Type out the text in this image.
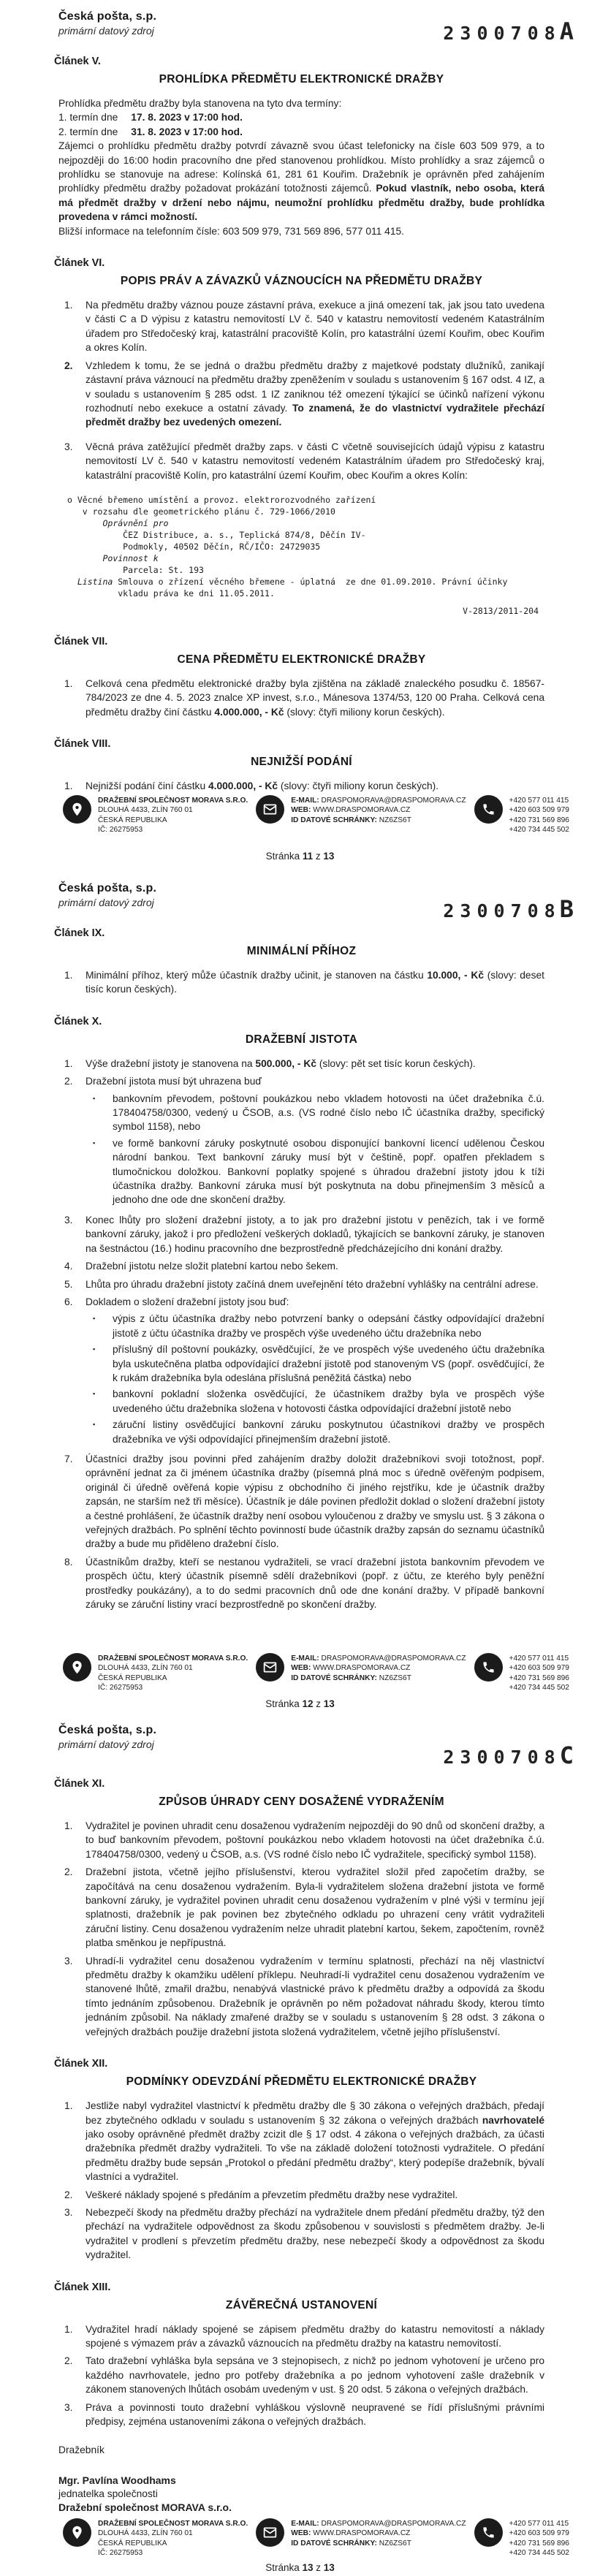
Česká pošta, s.p.
primární datový zdroj	2300708A
Článek V.
PROHLÍDKA PŘEDMĚTU ELEKTRONICKÉ DRAŽBY

Prohlídka předmětu dražby byla stanovena na tyto dva termíny:

1. termín dne 17. 8. 2023 v 17:00 hod.
2. termín dne 31. 8. 2023 v 17:00 hod.

Zájemci o prohlídku předmětu dražby potvrdí závazně svou účast telefonicky na čísle 603 509 979, a to nejpozději do 16:00 hodin pracovního dne před stanovenou prohlídkou. Místo prohlídky a sraz zájemců o prohlídku se stanovuje na adrese: Kolínská 61, 281 61 Kouřim. Dražebník je oprávněn před zahájením prohlídky předmětu dražby požadovat prokázání totožnosti zájemců. Pokud vlastník, nebo osoba, která má předmět dražby v držení nebo nájmu, neumožní prohlídku předmětu dražby, bude prohlídka provedena v rámci možností.

Bližší informace na telefonním čísle: 603 509 979, 731 569 896, 577 011 415.

Článek VI.
POPIS PRÁV A ZÁVAZKŮ VÁZNOUCÍCH NA PŘEDMĚTU DRAŽBY
1.	Na předmětu dražby váznou pouze zástavní práva, exekuce a jiná omezení tak, jak jsou tato uvedena v části C a D výpisu z katastru nemovitostí LV č. 540 v katastru nemovitostí vedeném Katastrálním úřadem pro Středočeský kraj, katastrální pracoviště Kolín, pro katastrální území Kouřim, obec Kouřim a okres Kolín.
2.	Vzhledem k tomu, že se jedná o dražbu předmětu dražby z majetkové podstaty dlužníků, zanikají zástavní práva váznoucí na předmětu dražby zpeněžením v souladu s ustanovením § 167 odst. 4 IZ, a v souladu s ustanovením § 285 odst. 1 IZ zaniknou též omezení týkající se účinků nařízení výkonu rozhodnutí nebo exekuce a ostatní závady. To znamená, že do vlastnictví vydražitele přechází předmět dražby bez uvedených omezení.
3.	Věcná práva zatěžující předmět dražby zaps. v části C včetně souvisejících údajů výpisu z katastru nemovitostí LV č. 540 v katastru nemovitostí vedeném Katastrálním úřadem pro Středočeský kraj, katastrální pracoviště Kolín, pro katastrální území Kouřim, obec Kouřim a okres Kolín:
o Věcné břemeno umístění a provoz. elektrorozvodného zařízení
v rozsahu dle geometrického plánu č. 729-1066/2010
Oprávnění pro
ČEZ Distribuce, a. s., Teplická 874/8, Děčín IV-
Podmokly, 40502 Děčín, RČ/IČO: 24729035
Povinnost k
Parcela: St. 193
Listina Smlouva o zřízení věcného břemene - úplatná  ze dne 01.09.2010. Právní účinky
vkladu práva ke dni 11.05.2011.
V-2813/2011-204
Článek VII.
CENA PŘEDMĚTU ELEKTRONICKÉ DRAŽBY
1.	Celková cena předmětu elektronické dražby byla zjištěna na základě znaleckého posudku č. 18567-784/2023 ze dne 4. 5. 2023 znalce XP invest, s.r.o., Mánesova 1374/53, 120 00 Praha. Celková cena předmětu dražby činí částku 4.000.000, - Kč (slovy: čtyři miliony korun českých).
Článek VIII.
NEJNIŽŠÍ PODÁNÍ
1.	Nejnižší podání činí částku 4.000.000, - Kč (slovy: čtyři miliony korun českých).
DRAŽEBNÍ SPOLEČNOST MORAVA S.R.O.
DLOUHÁ 4433, ZLÍN 760 01
ČESKÁ REPUBLIKA
IČ: 26275953
E-MAIL: DRASPOMORAVA@DRASPOMORAVA.CZ
WEB: WWW.DRASPOMORAVA.CZ
ID DATOVÉ SCHRÁNKY: NZ6ZS6T
+420 577 011 415
+420 603 509 979
+420 731 569 896
+420 734 445 502
Stránka 11 z 13
Česká pošta, s.p.
primární datový zdroj	2300708B
Článek IX.
MINIMÁLNÍ PŘÍHOZ
1.	Minimální příhoz, který může účastník dražby učinit, je stanoven na částku 10.000, - Kč (slovy: deset tisíc korun českých).
Článek X.
DRAŽEBNÍ JISTOTA
1.	Výše dražební jistoty je stanovena na 500.000, - Kč (slovy: pět set tisíc korun českých).
2.	Dražební jistota musí být uhrazena buď
▪	bankovním převodem, poštovní poukázkou nebo vkladem hotovosti na účet dražebníka č.ú. 178404758/0300, vedený u ČSOB, a.s. (VS rodné číslo nebo IČ účastníka dražby, specifický symbol 1158), nebo
▪	ve formě bankovní záruky poskytnuté osobou disponující bankovní licencí udělenou Českou národní bankou. Text bankovní záruky musí být v češtině, popř. opatřen překladem s tlumočnickou doložkou. Bankovní poplatky spojené s úhradou dražební jistoty jdou k tíži účastníka dražby. Bankovní záruka musí být poskytnuta na dobu přinejmenším 3 měsíců a jednoho dne ode dne skončení dražby.
3.	Konec lhůty pro složení dražební jistoty, a to jak pro dražební jistotu v penězích, tak i ve formě bankovní záruky, jakož i pro předložení veškerých dokladů, týkajících se bankovní záruky, je stanoven na šestnáctou (16.) hodinu pracovního dne bezprostředně předcházejícího dni konání dražby.
4.	Dražební jistotu nelze složit platební kartou nebo šekem.
5.	Lhůta pro úhradu dražební jistoty začíná dnem uveřejnění této dražební vyhlášky na centrální adrese.
6.	Dokladem o složení dražební jistoty jsou buď:
▪	výpis z účtu účastníka dražby nebo potvrzení banky o odepsání částky odpovídající dražební jistotě z účtu účastníka dražby ve prospěch výše uvedeného účtu dražebníka nebo
▪	příslušný díl poštovní poukázky, osvědčující, že ve prospěch výše uvedeného účtu dražebníka byla uskutečněna platba odpovídající dražební jistotě pod stanoveným VS (popř. osvědčující, že k rukám dražebníka byla odeslána příslušná peněžitá částka) nebo
▪	bankovní pokladní složenka osvědčující, že účastníkem dražby byla ve prospěch výše uvedeného účtu dražebníka složena v hotovosti částka odpovídající dražební jistotě nebo
▪	záruční listiny osvědčující bankovní záruku poskytnutou účastníkovi dražby ve prospěch dražebníka ve výši odpovídající přinejmenším dražební jistotě.
7.	Účastníci dražby jsou povinni před zahájením dražby doložit dražebníkovi svoji totožnost, popř. oprávnění jednat za či jménem účastníka dražby (písemná plná moc s úředně ověřeným podpisem, originál či úředně ověřená kopie výpisu z obchodního či jiného rejstříku, kde je účastník dražby zapsán, ne starším než tři měsíce). Účastník je dále povinen předložit doklad o složení dražební jistoty a čestné prohlášení, že účastník dražby není osobou vyloučenou z dražby ve smyslu ust. § 3 zákona o veřejných dražbách. Po splnění těchto povinností bude účastník dražby zapsán do seznamu účastníků dražby a bude mu přiděleno dražební číslo.
8.	Účastníkům dražby, kteří se nestanou vydražiteli, se vrací dražební jistota bankovním převodem ve prospěch účtu, který účastník písemně sdělí dražebníkovi (popř. z účtu, ze kterého byly peněžní prostředky poukázány), a to do sedmi pracovních dnů ode dne konání dražby. V případě bankovní záruky se záruční listiny vrací bezprostředně po skončení dražby.
DRAŽEBNÍ SPOLEČNOST MORAVA S.R.O.
DLOUHÁ 4433, ZLÍN 760 01
ČESKÁ REPUBLIKA
IČ: 26275953
E-MAIL: DRASPOMORAVA@DRASPOMORAVA.CZ
WEB: WWW.DRASPOMORAVA.CZ
ID DATOVÉ SCHRÁNKY: NZ6ZS6T
+420 577 011 415
+420 603 509 979
+420 731 569 896
+420 734 445 502
Stránka 12 z 13
Česká pošta, s.p.
primární datový zdroj
2300708C
Článek XI.
ZPŮSOB ÚHRADY CENY DOSAŽENÉ VYDRAŽENÍM
1.	Vydražitel je povinen uhradit cenu dosaženou vydražením nejpozději do 90 dnů od skončení dražby, a to buď bankovním převodem, poštovní poukázkou nebo vkladem hotovosti na účet dražebníka č.ú. 178404758/0300, vedený u ČSOB, a.s. (VS rodné číslo nebo IČ vydražitele, specifický symbol 1158).
2.	Dražební jistota, včetně jejího příslušenství, kterou vydražitel složil před započetím dražby, se započítává na cenu dosaženou vydražením. Byla-li vydražitelem složena dražební jistota ve formě bankovní záruky, je vydražitel povinen uhradit cenu dosaženou vydražením v plné výši v termínu její splatnosti, dražebník je pak povinen bez zbytečného odkladu po uhrazení ceny vrátit vydražiteli záruční listiny. Cenu dosaženou vydražením nelze uhradit platební kartou, šekem, započtením, rovněž platba směnkou je nepřípustná.
3.	Uhradí-li vydražitel cenu dosaženou vydražením v termínu splatnosti, přechází na něj vlastnictví předmětu dražby k okamžiku udělení příklepu. Neuhradí-li vydražitel cenu dosaženou vydražením ve stanovené lhůtě, zmařil dražbu, nenabývá vlastnické právo k předmětu dražby a odpovídá za škodu tímto jednáním způsobenou. Dražebník je oprávněn po něm požadovat náhradu škody, kterou tímto jednáním způsobil. Na náklady zmařené dražby se v souladu s ustanovením § 28 odst. 3 zákona o veřejných dražbách použije dražební jistota složená vydražitelem, včetně jejího příslušenství.
Článek XII.
PODMÍNKY ODEVZDÁNÍ PŘEDMĚTU ELEKTRONICKÉ DRAŽBY
1.	Jestliže nabyl vydražitel vlastnictví k předmětu dražby dle § 30 zákona o veřejných dražbách, předají bez zbytečného odkladu v souladu s ustanovením § 32 zákona o veřejných dražbách navrhovatelé jako osoby oprávněné předmět dražby zcizit dle § 17 odst. 4 zákona o veřejných dražbách, za účasti dražebníka předmět dražby vydražiteli. To vše na základě doložení totožnosti vydražitele. O předání předmětu dražby bude sepsán „Protokol o předání předmětu dražby“, který podepíše dražebník, bývalí vlastníci a vydražitel.
2.	Veškeré náklady spojené s předáním a převzetím předmětu dražby nese vydražitel.
3.	Nebezpečí škody na předmětu dražby přechází na vydražitele dnem předání předmětu dražby, týž den přechází na vydražitele odpovědnost za škodu způsobenou v souvislosti s předmětem dražby. Je-li vydražitel v prodlení s převzetím předmětu dražby, nese nebezpečí škody a odpovědnost za škodu vydražitel.
Článek XIII.
ZÁVĚREČNÁ USTANOVENÍ
1.	Vydražitel hradí náklady spojené se zápisem předmětu dražby do katastru nemovitostí a náklady spojené s výmazem práv a závazků váznoucích na předmětu dražby na katastru nemovitostí.
2.	Tato dražební vyhláška byla sepsána ve 3 stejnopisech, z nichž po jednom vyhotovení je určeno pro každého navrhovatele, jedno pro potřeby dražebníka a po jednom vyhotovení zašle dražebník v zákonem stanovených lhůtách osobám uvedeným v ust. § 20 odst. 5 zákona o veřejných dražbách.
3.	Práva a povinnosti touto dražební vyhláškou výslovně neupravené se řídí příslušnými právními předpisy, zejména ustanoveními zákona o veřejných dražbách.
Dražebník
Mgr. Pavlína Woodhams
jednatelka společnosti
Dražební společnost MORAVA s.r.o.
DRAŽEBNÍ SPOLEČNOST MORAVA S.R.O.
DLOUHÁ 4433, ZLÍN 760 01
ČESKÁ REPUBLIKA
IČ: 26275953
E-MAIL: DRASPOMORAVA@DRASPOMORAVA.CZ
WEB: WWW.DRASPOMORAVA.CZ
ID DATOVÉ SCHRÁNKY: NZ6ZS6T
+420 577 011 415
+420 603 509 979
+420 731 569 896
+420 734 445 502
Stránka 13 z 13
